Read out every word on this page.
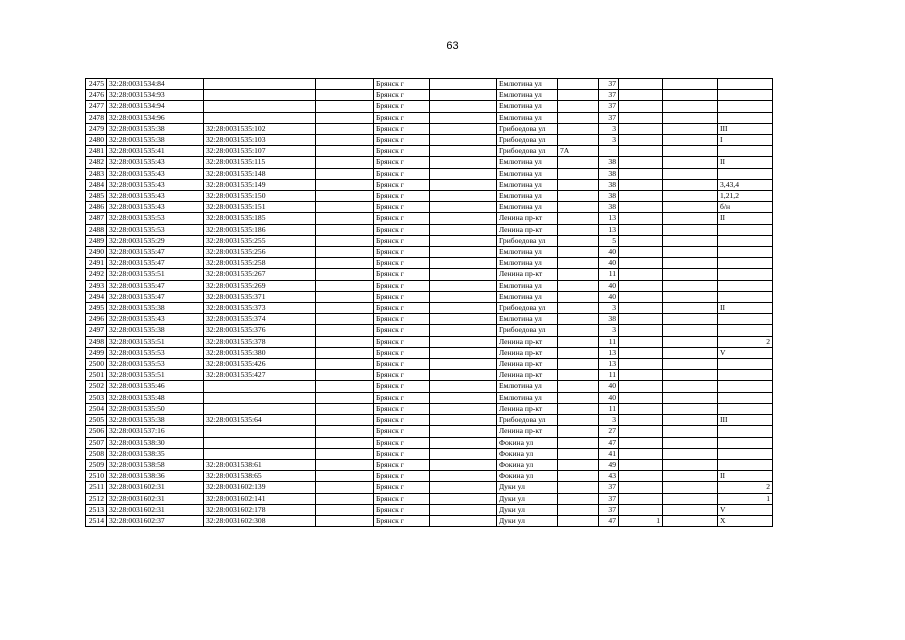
63
2475	32:28:0031534:84			Брянск г		Емлютина ул		37			
2476	32:28:0031534:93			Брянск г		Емлютина ул		37			
2477	32:28:0031534:94			Брянск г		Емлютина ул		37			
2478	32:28:0031534:96			Брянск г		Емлютина ул		37			
2479	32:28:0031535:38	32:28:0031535:102		Брянск г		Грибоедова ул		3			III
2480	32:28:0031535:38	32:28:0031535:103		Брянск г		Грибоедова ул		3			I
2481	32:28:0031535:41	32:28:0031535:107		Брянск г		Грибоедова ул	7А				
2482	32:28:0031535:43	32:28:0031535:115		Брянск г		Емлютина ул		38			II
2483	32:28:0031535:43	32:28:0031535:148		Брянск г		Емлютина ул		38			
2484	32:28:0031535:43	32:28:0031535:149		Брянск г		Емлютина ул		38			3,43,4
2485	32:28:0031535:43	32:28:0031535:150		Брянск г		Емлютина ул		38			1,21,2
2486	32:28:0031535:43	32:28:0031535:151		Брянск г		Емлютина ул		38			б/н
2487	32:28:0031535:53	32:28:0031535:185		Брянск г		Ленина пр-кт		13			II
2488	32:28:0031535:53	32:28:0031535:186		Брянск г		Ленина пр-кт		13			
2489	32:28:0031535:29	32:28:0031535:255		Брянск г		Грибоедова ул		5			
2490	32:28:0031535:47	32:28:0031535:256		Брянск г		Емлютина ул		40			
2491	32:28:0031535:47	32:28:0031535:258		Брянск г		Емлютина ул		40			
2492	32:28:0031535:51	32:28:0031535:267		Брянск г		Ленина пр-кт		11			
2493	32:28:0031535:47	32:28:0031535:269		Брянск г		Емлютина ул		40			
2494	32:28:0031535:47	32:28:0031535:371		Брянск г		Емлютина ул		40			
2495	32:28:0031535:38	32:28:0031535:373		Брянск г		Грибоедова ул		3			II
2496	32:28:0031535:43	32:28:0031535:374		Брянск г		Емлютина ул		38			
2497	32:28:0031535:38	32:28:0031535:376		Брянск г		Грибоедова ул		3			
2498	32:28:0031535:51	32:28:0031535:378		Брянск г		Ленина пр-кт		11			2

2499	32:28:0031535:53	32:28:0031535:380		Брянск г		Ленина пр-кт		13			V
2500	32:28:0031535:53	32:28:0031535:426		Брянск г		Ленина пр-кт		13			
2501	32:28:0031535:51	32:28:0031535:427		Брянск г		Ленина пр-кт		11			
2502	32:28:0031535:46			Брянск г		Емлютина ул		40			
2503	32:28:0031535:48			Брянск г		Емлютина ул		40			
2504	32:28:0031535:50			Брянск г		Ленина пр-кт		11			
2505	32:28:0031535:38	32:28:0031535:64		Брянск г		Грибоедова ул		3			III
2506	32:28:0031537:16			Брянск г		Ленина пр-кт		27			
2507	32:28:0031538:30			Брянск г		Фокина ул		47			
2508	32:28:0031538:35			Брянск г		Фокина ул		41			
2509	32:28:0031538:58	32:28:0031538:61		Брянск г		Фокина ул		49			
2510	32:28:0031538:36	32:28:0031538:65		Брянск г		Фокина ул		43			II
2511	32:28:0031602:31	32:28:0031602:139		Брянск г		Дуки ул		37			2

2512	32:28:0031602:31	32:28:0031602:141		Брянск г		Дуки ул		37			1

2513	32:28:0031602:31	32:28:0031602:178		Брянск г		Дуки ул		37			V
2514	32:28:0031602:37	32:28:0031602:308		Брянск г		Дуки ул		47	1		X
